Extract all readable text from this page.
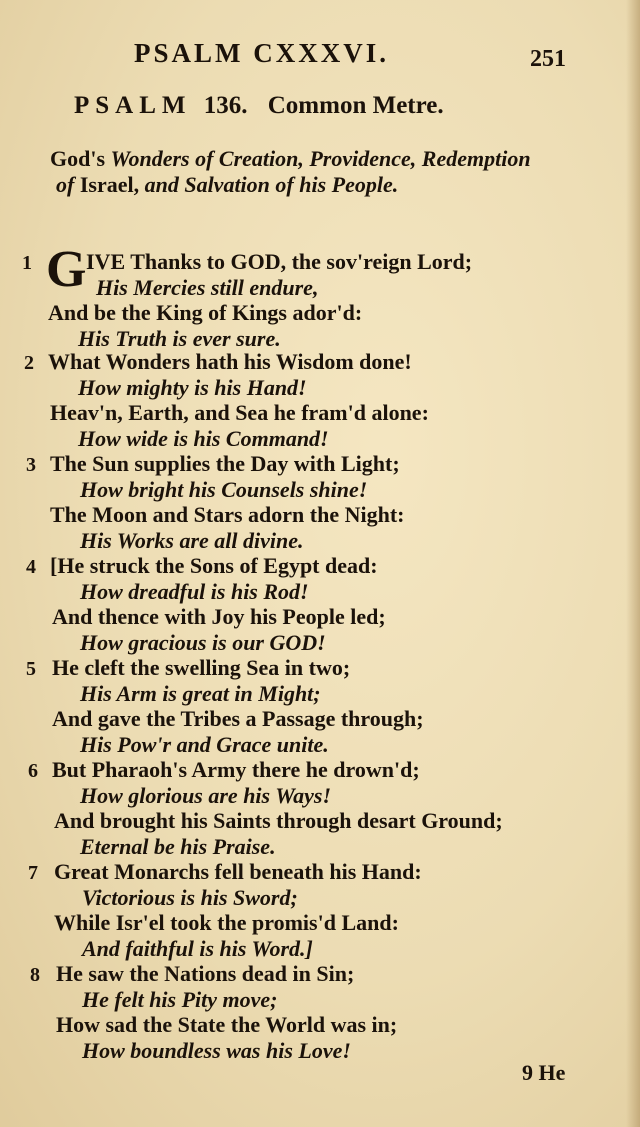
PSALM CXXXVI.	251
PSALM 136. Common Metre.
God's Wonders of Creation, Providence, Redemption
of Israel, and Salvation of his People.
1 G IVE Thanks to GOD, the sov'reign Lord;
His Mercies still endure,
And be the King of Kings ador'd:
His Truth is ever sure.
2 What Wonders hath his Wisdom done!
How mighty is his Hand!
Heav'n, Earth, and Sea he fram'd alone:
How wide is his Command!
3 The Sun supplies the Day with Light;
How bright his Counsels shine!
The Moon and Stars adorn the Night:
His Works are all divine.
4 [He struck the Sons of Egypt dead:
How dreadful is his Rod!
And thence with Joy his People led;
How gracious is our GOD!
5 He cleft the swelling Sea in two;
His Arm is great in Might;
And gave the Tribes a Passage through;
His Pow'r and Grace unite.
6 But Pharaoh's Army there he drown'd;
How glorious are his Ways!
And brought his Saints through desart Ground;
Eternal be his Praise.
7 Great Monarchs fell beneath his Hand:
Victorious is his Sword;
While Isr'el took the promis'd Land:
And faithful is his Word.]
8 He saw the Nations dead in Sin;
He felt his Pity move;
How sad the State the World was in;
How boundless was his Love!
9 He
